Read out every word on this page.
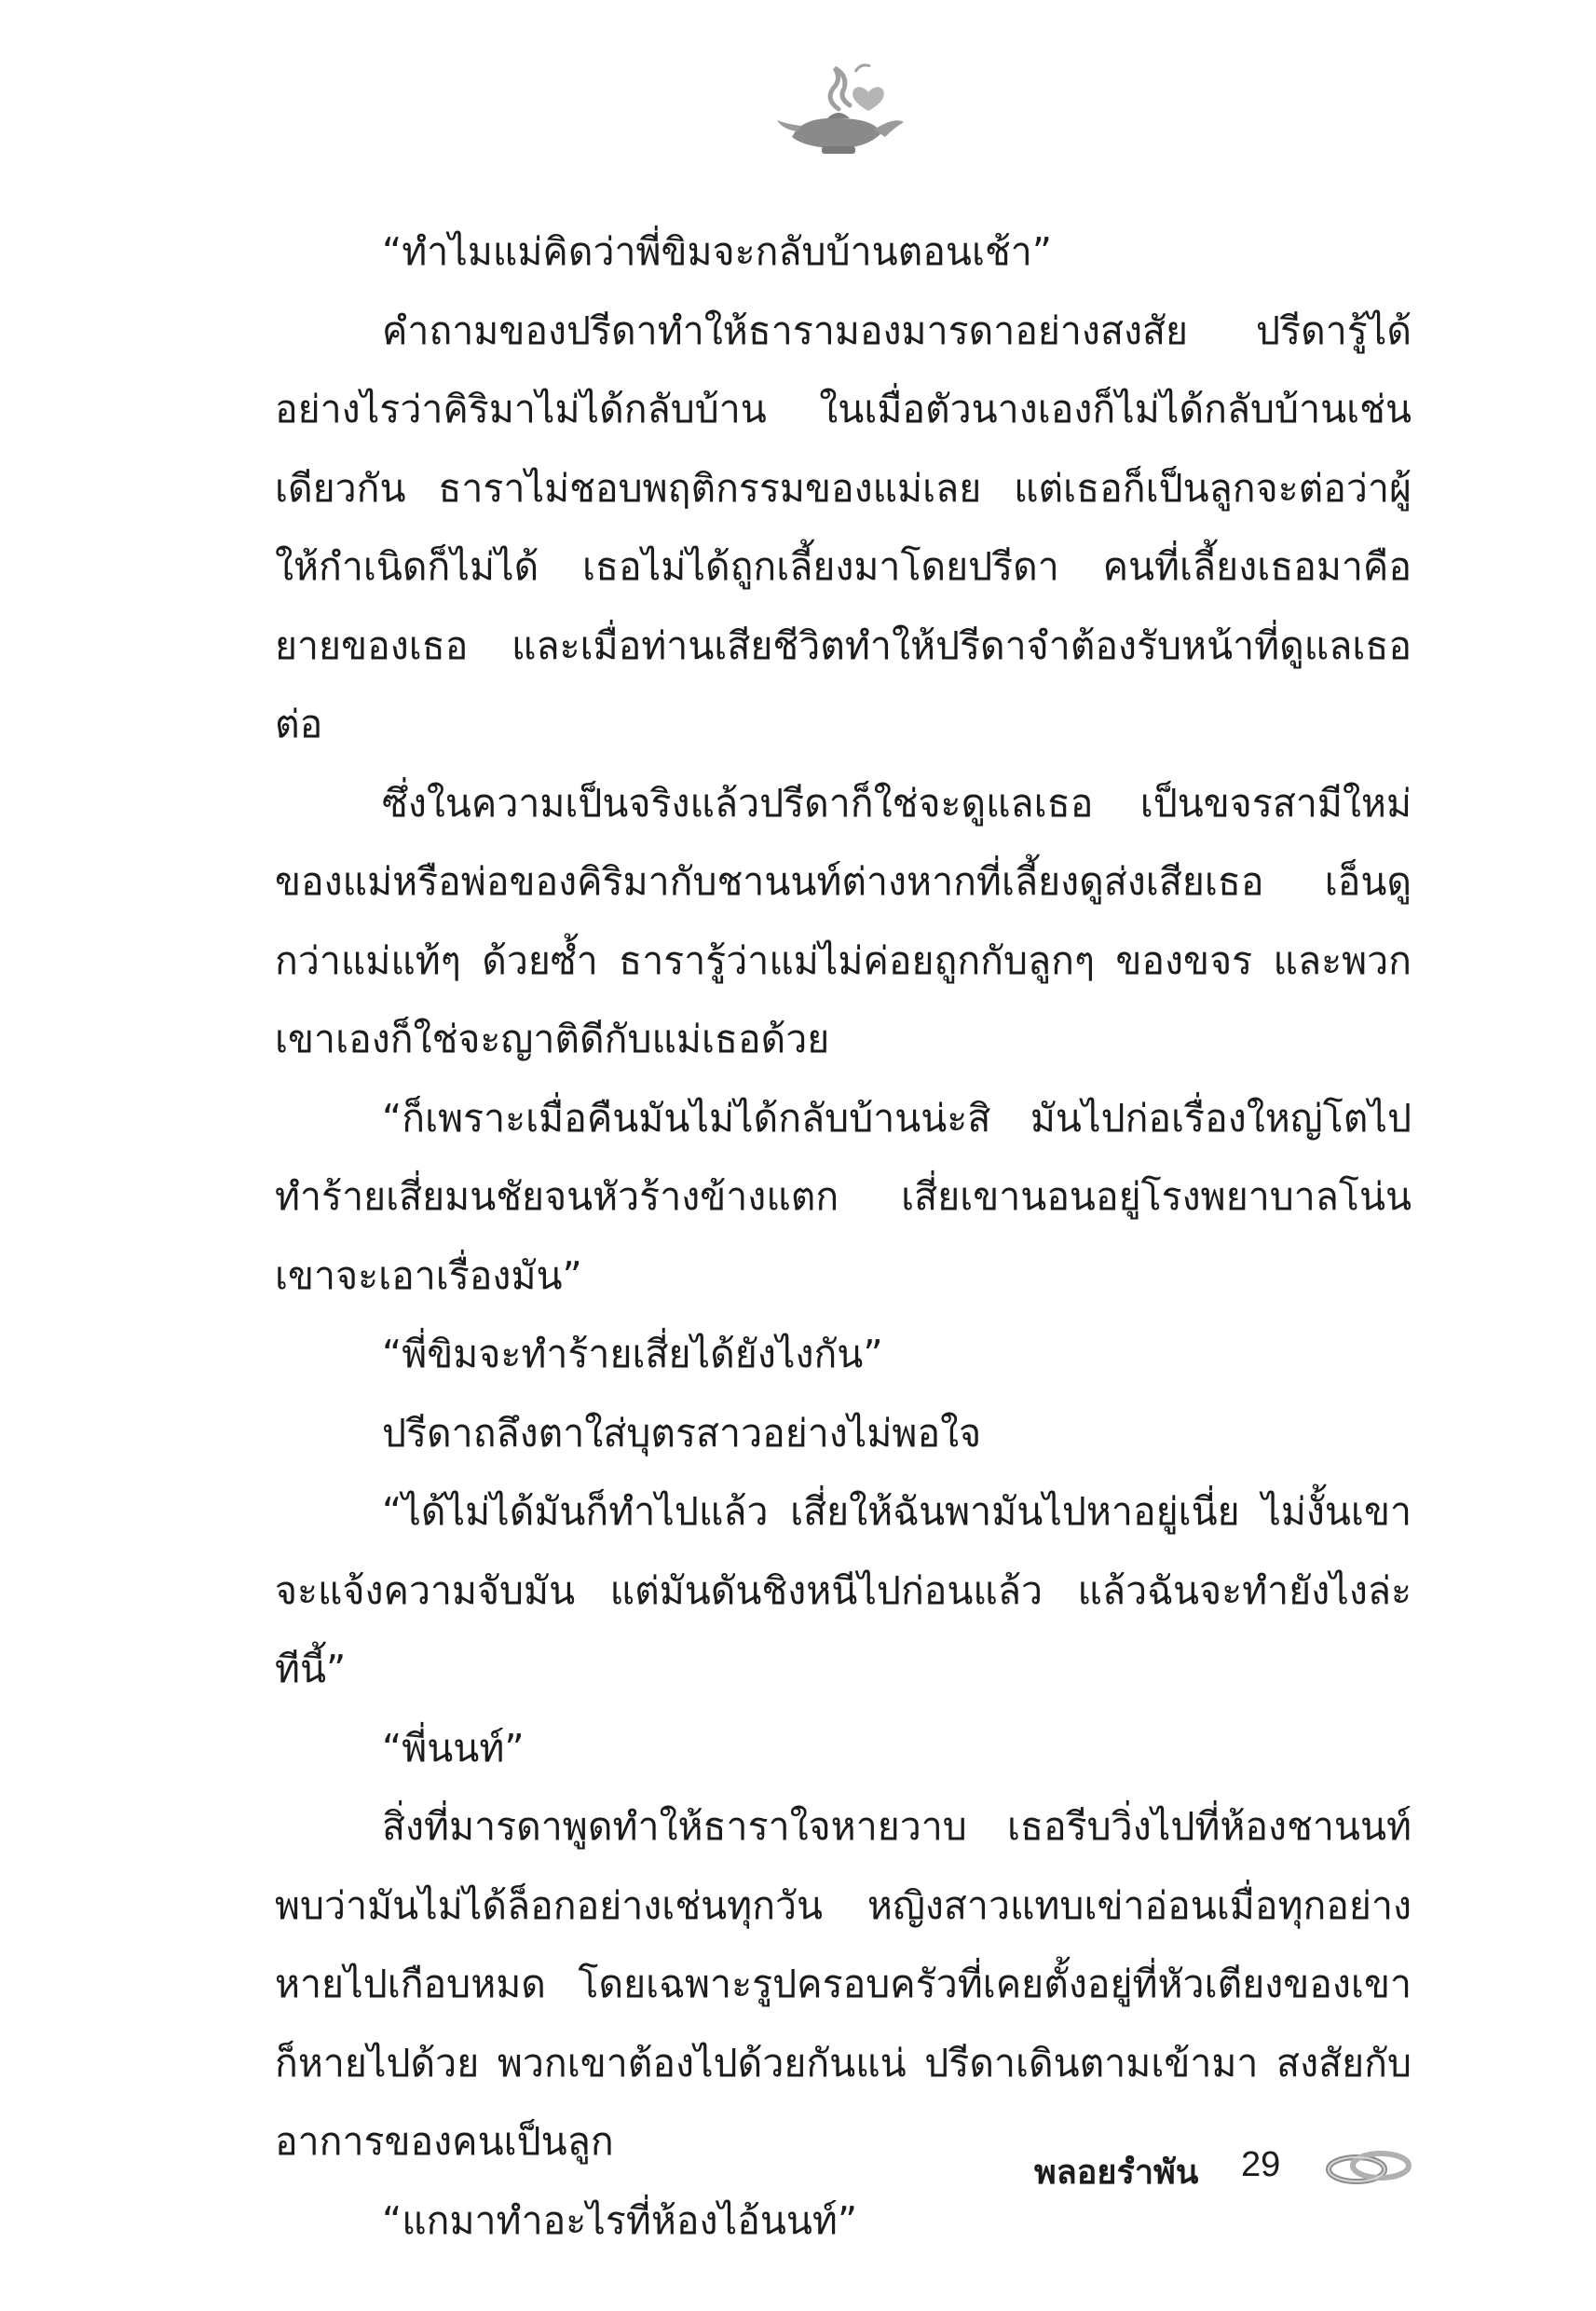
“ทำไมแม่คิดว่าพี่ขิมจะกลับบ้านตอนเช้า”

คำถามของปรีดาทำให้ธารามองมารดาอย่างสงสัย ปรีดารู้ได้อย่างไรว่าคิริมาไม่ได้กลับบ้าน ในเมื่อตัวนางเองก็ไม่ได้กลับบ้านเช่นเดียวกัน ธาราไม่ชอบพฤติกรรมของแม่เลย แต่เธอก็เป็นลูกจะต่อว่าผู้ให้กำเนิดก็ไม่ได้ เธอไม่ได้ถูกเลี้ยงมาโดยปรีดา คนที่เลี้ยงเธอมาคือยายของเธอ และเมื่อท่านเสียชีวิตทำให้ปรีดาจำต้องรับหน้าที่ดูแลเธอต่อ

ซึ่งในความเป็นจริงแล้วปรีดาก็ใช่จะดูแลเธอ เป็นขจรสามีใหม่ของแม่หรือพ่อของคิริมากับชานนท์ต่างหากที่เลี้ยงดูส่งเสียเธอ เอ็นดูกว่าแม่แท้ๆ ด้วยซ้ำ ธารารู้ว่าแม่ไม่ค่อยถูกกับลูกๆ ของขจร และพวกเขาเองก็ใช่จะญาติดีกับแม่เธอด้วย

“ก็เพราะเมื่อคืนมันไม่ได้กลับบ้านน่ะสิ มันไปก่อเรื่องใหญ่โตไปทำร้ายเสี่ยมนชัยจนหัวร้างข้างแตก เสี่ยเขานอนอยู่โรงพยาบาลโน่นเขาจะเอาเรื่องมัน”

“พี่ขิมจะทำร้ายเสี่ยได้ยังไงกัน”

ปรีดาถลึงตาใส่บุตรสาวอย่างไม่พอใจ

“ได้ไม่ได้มันก็ทำไปแล้ว เสี่ยให้ฉันพามันไปหาอยู่เนี่ย ไม่งั้นเขาจะแจ้งความจับมัน แต่มันดันชิงหนีไปก่อนแล้ว แล้วฉันจะทำยังไงล่ะทีนี้”

“พี่นนท์”

สิ่งที่มารดาพูดทำให้ธาราใจหายวาบ เธอรีบวิ่งไปที่ห้องชานนท์พบว่ามันไม่ได้ล็อกอย่างเช่นทุกวัน หญิงสาวแทบเข่าอ่อนเมื่อทุกอย่างหายไปเกือบหมด โดยเฉพาะรูปครอบครัวที่เคยตั้งอยู่ที่หัวเตียงของเขาก็หายไปด้วย พวกเขาต้องไปด้วยกันแน่ ปรีดาเดินตามเข้ามา สงสัยกับอาการของคนเป็นลูก

“แกมาทำอะไรที่ห้องไอ้นนท์”

พลอยรำพัน 29
